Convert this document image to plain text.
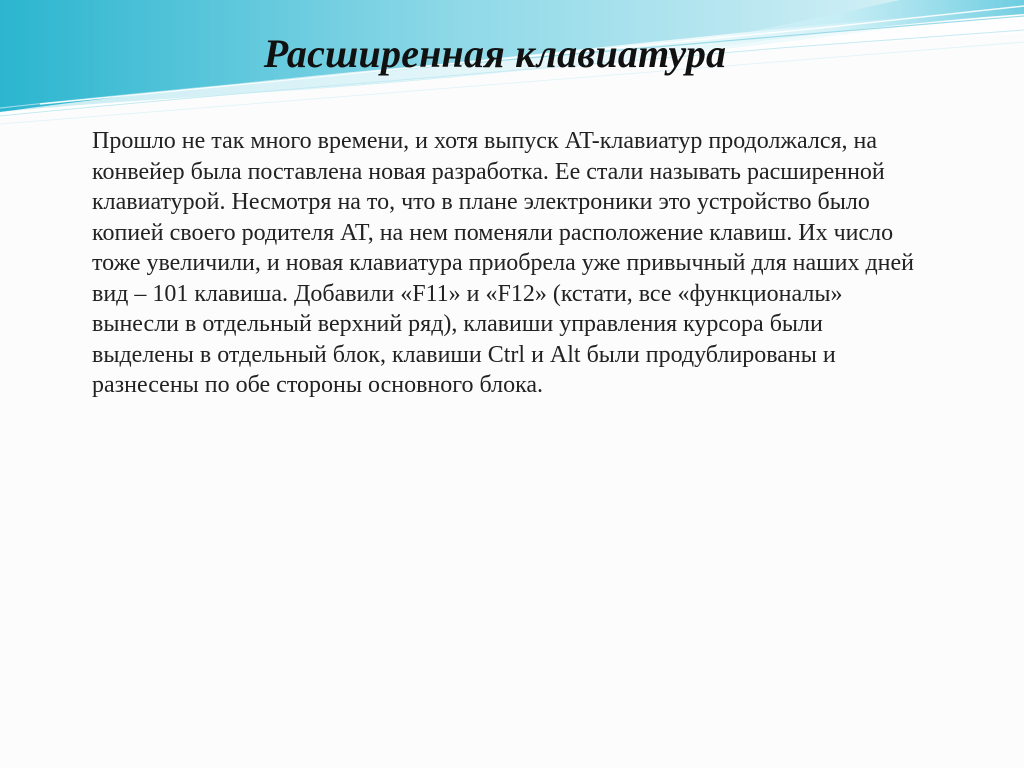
Расширенная клавиатура

Прошло не так много времени, и хотя выпуск AT-клавиатур продолжался, на конвейер была поставлена новая разработка. Ее стали называть расширенной клавиатурой. Несмотря на то, что в плане электроники это устройство было копией своего родителя AT, на нем поменяли расположение клавиш. Их число тоже увеличили, и новая клавиатура приобрела уже привычный для наших дней вид – 101 клавиша. Добавили «F11» и «F12» (кстати, все «функционалы» вынесли в отдельный верхний ряд), клавиши управления курсора были выделены в отдельный блок, клавиши Ctrl и Alt были продублированы и разнесены по обе стороны основного блока.
